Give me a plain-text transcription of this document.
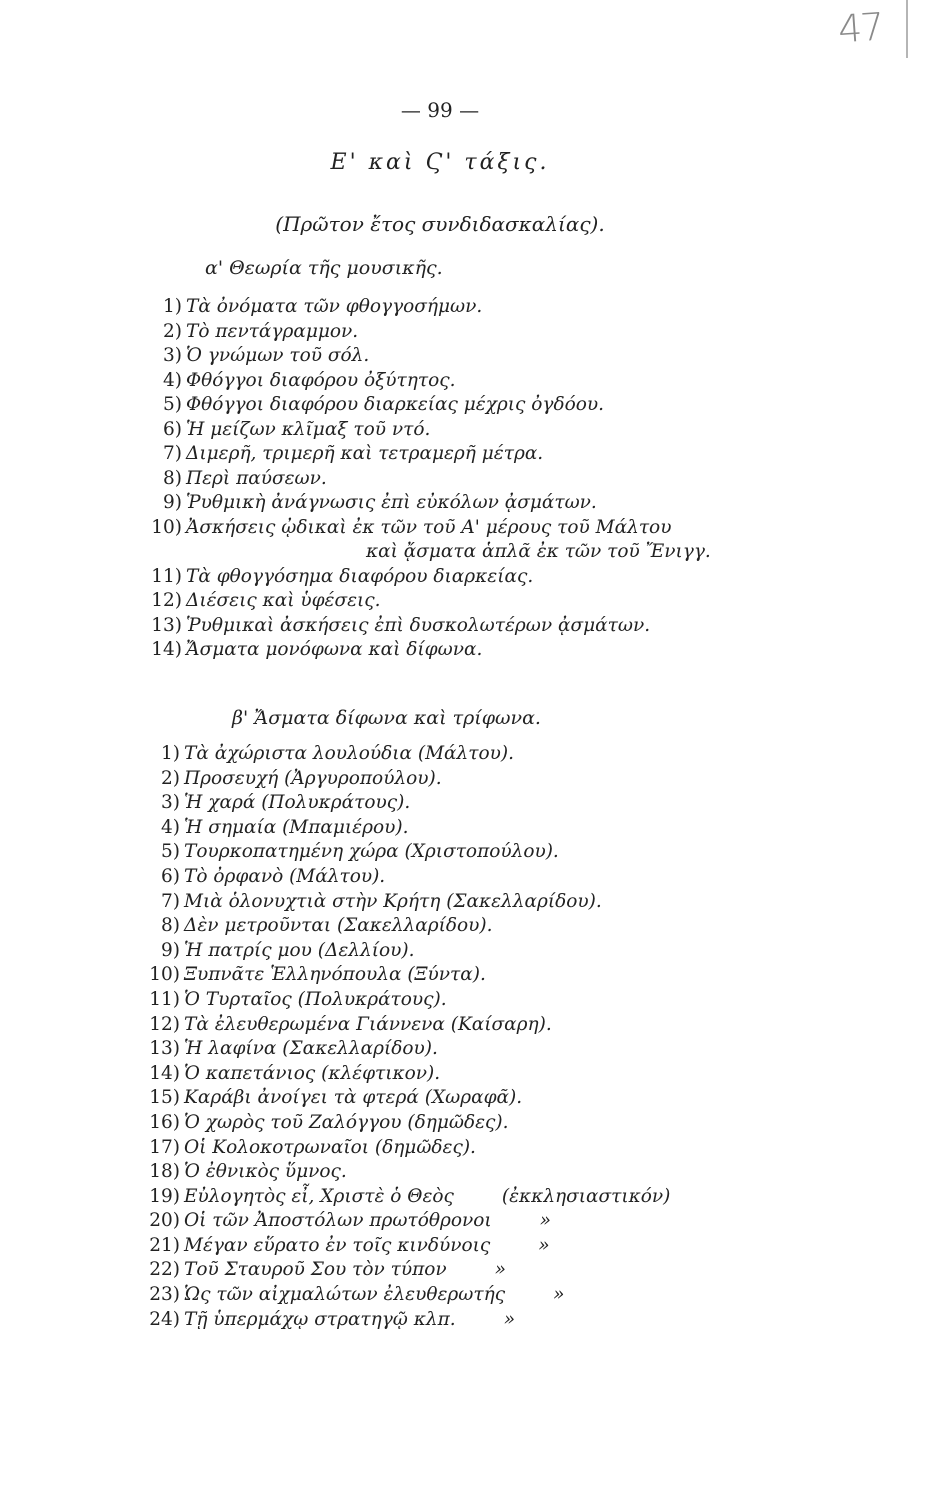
47
— 99 —
Ε' καὶ Ϛ' τάξις.
(Πρῶτον ἔτος συνδιδασκαλίας).
α' Θεωρία τῆς μουσικῆς.
1) Τὰ ὀνόματα τῶν φθογγοσήμων.
2) Τὸ πεντάγραμμον.
3) Ὁ γνώμων τοῦ σόλ.
4) Φθόγγοι διαφόρου ὀξύτητος.
5) Φθόγγοι διαφόρου διαρκείας μέχρις ὀγδόου.
6) Ἡ μείζων κλῖμαξ τοῦ ντό.
7) Διμερῆ, τριμερῆ καὶ τετραμερῆ μέτρα.
8) Περὶ παύσεων.
9) Ῥυθμικὴ ἀνάγνωσις ἐπὶ εὐκόλων ᾀσμάτων.
10) Ἀσκήσεις ᾠδικαὶ ἐκ τῶν τοῦ Α' μέρους τοῦ Μάλτου
καὶ ᾄσματα ἁπλᾶ ἐκ τῶν τοῦ Ἔνιγγ.
11) Τὰ φθογγόσημα διαφόρου διαρκείας.
12) Διέσεις καὶ ὑφέσεις.
13) Ῥυθμικαὶ ἀσκήσεις ἐπὶ δυσκολωτέρων ᾀσμάτων.
14) Ἄσματα μονόφωνα καὶ δίφωνα.
β' Ἄσματα δίφωνα καὶ τρίφωνα.
1) Τὰ ἀχώριστα λουλούδια (Μάλτου).
2) Προσευχή (Ἀργυροπούλου).
3) Ἡ χαρά (Πολυκράτους).
4) Ἡ σημαία (Μπαμιέρου).
5) Τουρκοπατημένη χώρα (Χριστοπούλου).
6) Τὸ ὀρφανὸ (Μάλτου).
7) Μιὰ ὁλονυχτιὰ στὴν Κρήτη (Σακελλαρίδου).
8) Δὲν μετροῦνται (Σακελλαρίδου).
9) Ἡ πατρίς μου (Δελλίου).
10) Ξυπνᾶτε Ἑλληνόπουλα (Ξύντα).
11) Ὁ Τυρταῖος (Πολυκράτους).
12) Τὰ ἐλευθερωμένα Γιάννενα (Καίσαρη).
13) Ἡ λαφίνα (Σακελλαρίδου).
14) Ὁ καπετάνιος (κλέφτικον).
15) Καράβι ἀνοίγει τὰ φτερά (Χωραφᾶ).
16) Ὁ χωρὸς τοῦ Ζαλόγγου (δημῶδες).
17) Οἱ Κολοκοτρωναῖοι (δημῶδες).
18) Ὁ ἐθνικὸς ὕμνος.
19) Εὐλογητὸς εἶ, Χριστὲ ὁ Θεὸς	(ἐκκλησιαστικόν)
20) Οἱ τῶν Ἀποστόλων πρωτόθρονοι	»
21) Μέγαν εὕρατο ἐν τοῖς κινδύνοις	»
22) Τοῦ Σταυροῦ Σου τὸν τύπον	»
23) Ὡς τῶν αἰχμαλώτων ἐλευθερωτής	»
24) Τῇ ὑπερμάχῳ στρατηγῷ κλπ.	»
